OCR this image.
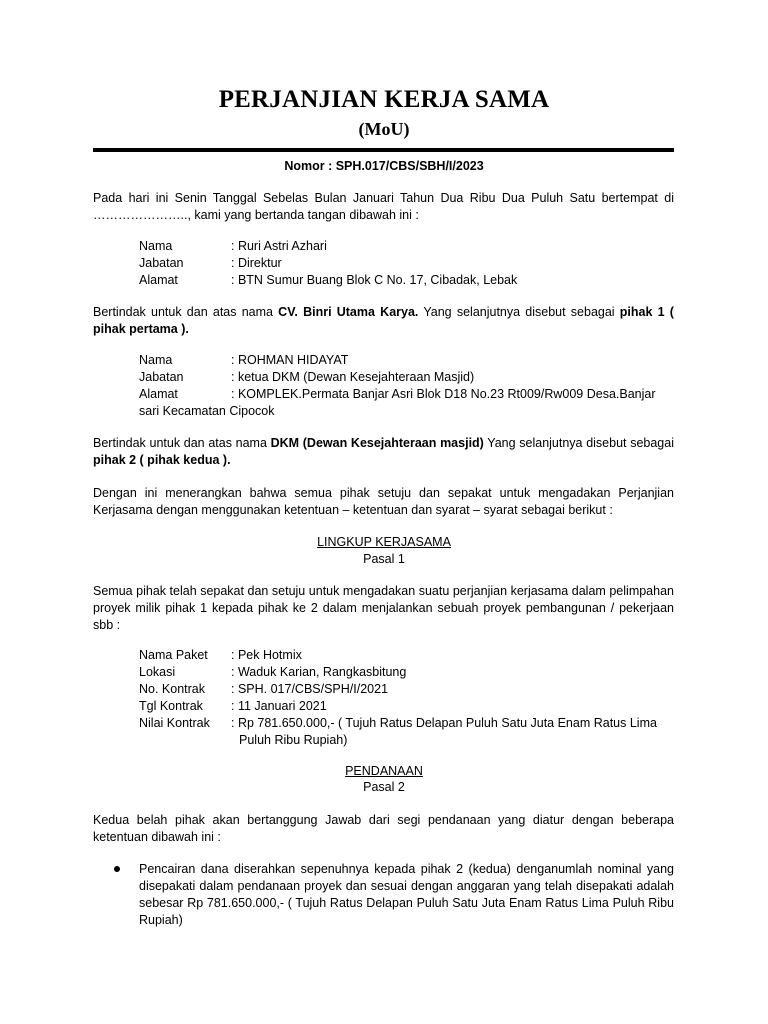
PERJANJIAN KERJA SAMA
(MoU)
Nomor : SPH.017/CBS/SBH/I/2023
Pada hari ini Senin Tanggal Sebelas Bulan Januari Tahun Dua Ribu Dua Puluh Satu bertempat di ………………….., kami yang bertanda tangan dibawah ini :
Nama	: Ruri Astri Azhari
Jabatan	: Direktur
Alamat	: BTN Sumur Buang Blok C No. 17, Cibadak, Lebak
Bertindak untuk dan atas nama CV. Binri Utama Karya. Yang selanjutnya disebut sebagai pihak 1 ( pihak pertama ).
Nama	: ROHMAN HIDAYAT
Jabatan	: ketua DKM (Dewan Kesejahteraan Masjid)
Alamat	: KOMPLEK.Permata Banjar Asri Blok D18 No.23 Rt009/Rw009 Desa.Banjar
sari Kecamatan Cipocok
Bertindak untuk dan atas nama DKM (Dewan Kesejahteraan masjid) Yang selanjutnya disebut sebagai pihak 2 ( pihak kedua ).
Dengan ini menerangkan bahwa semua pihak setuju dan sepakat untuk mengadakan Perjanjian Kerjasama dengan menggunakan ketentuan – ketentuan dan syarat – syarat sebagai berikut :
LINGKUP KERJASAMA
Pasal 1
Semua pihak telah sepakat dan setuju untuk mengadakan suatu perjanjian kerjasama dalam pelimpahan proyek milik pihak 1 kepada pihak ke 2 dalam menjalankan sebuah proyek pembangunan / pekerjaan sbb :
Nama Paket	: Pek Hotmix
Lokasi	: Waduk Karian, Rangkasbitung
No. Kontrak	: SPH. 017/CBS/SPH/I/2021
Tgl Kontrak	: 11 Januari 2021
Nilai Kontrak	: Rp 781.650.000,- ( Tujuh Ratus Delapan Puluh Satu Juta Enam Ratus Lima
Puluh Ribu Rupiah)
PENDANAAN
Pasal 2
Kedua belah pihak akan bertanggung Jawab dari segi pendanaan yang diatur dengan beberapa ketentuan dibawah ini :
Pencairan dana diserahkan sepenuhnya kepada pihak 2 (kedua) denganumlah nominal yang disepakati dalam pendanaan proyek dan sesuai dengan anggaran yang telah disepakati adalah sebesar Rp 781.650.000,- ( Tujuh Ratus Delapan Puluh Satu Juta Enam Ratus Lima Puluh Ribu Rupiah)
